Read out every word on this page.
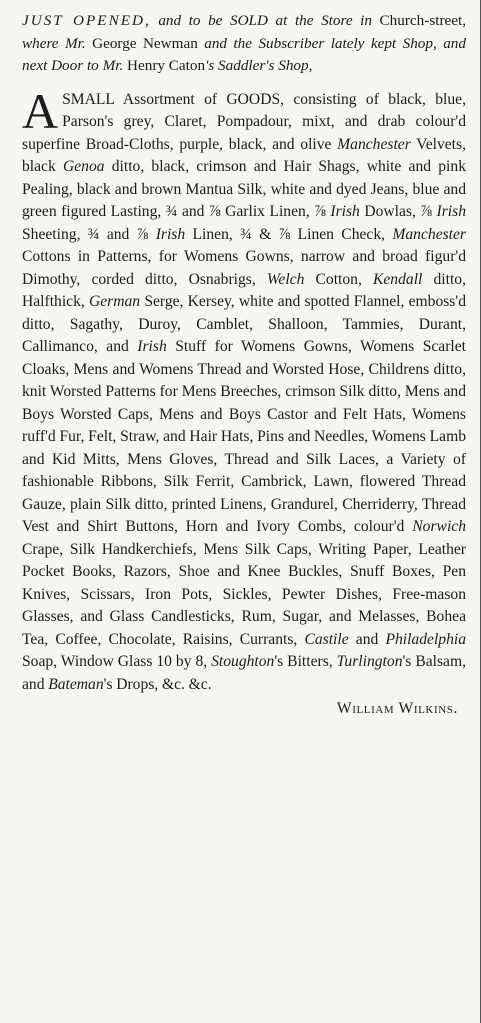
JUST OPENED, and to be SOLD at the Store in Church-street, where Mr. George Newman and the Subscriber lately kept Shop, and next Door to Mr. Henry Caton's Saddler's Shop,
ASMALL Assortment of GOODS, consisting of black, blue, Parson's grey, Claret, Pompadour, mixt, and drab colour'd superfine Broad-Cloths, purple, black, and olive Manchester Velvets, black Genoa ditto, black, crimson and Hair Shags, white and pink Pealing, black and brown Mantua Silk, white and dyed Jeans, blue and green figured Lasting, ¾ and ⅞ Garlix Linen, ⅞ Irish Dowlas, ⅞ Irish Sheeting, ¾ and ⅞ Irish Linen, ¾ & ⅞ Linen Check, Manchester Cottons in Patterns, for Womens Gowns, narrow and broad figur'd Dimothy, corded ditto, Osnabrigs, Welch Cotton, Kendall ditto, Halfthick, German Serge, Kersey, white and spotted Flannel, emboss'd ditto, Sagathy, Duroy, Camblet, Shalloon, Tammies, Durant, Callimanco, and Irish Stuff for Womens Gowns, Womens Scarlet Cloaks, Mens and Womens Thread and Worsted Hose, Childrens ditto, knit Worsted Patterns for Mens Breeches, crimson Silk ditto, Mens and Boys Worsted Caps, Mens and Boys Castor and Felt Hats, Womens ruff'd Fur, Felt, Straw, and Hair Hats, Pins and Needles, Womens Lamb and Kid Mitts, Mens Gloves, Thread and Silk Laces, a Variety of fashionable Ribbons, Silk Ferrit, Cambrick, Lawn, flowered Thread Gauze, plain Silk ditto, printed Linens, Grandurel, Cherriderry, Thread Vest and Shirt Buttons, Horn and Ivory Combs, colour'd Norwich Crape, Silk Handkerchiefs, Mens Silk Caps, Writing Paper, Leather Pocket Books, Razors, Shoe and Knee Buckles, Snuff Boxes, Pen Knives, Scissars, Iron Pots, Sickles, Pewter Dishes, Free-mason Glasses, and Glass Candlesticks, Rum, Sugar, and Melasses, Bohea Tea, Coffee, Chocolate, Raisins, Currants, Castile and Philadelphia Soap, Window Glass 10 by 8, Stoughton's Bitters, Turlington's Balsam, and Bateman's Drops, &c. &c.
William Wilkins.
